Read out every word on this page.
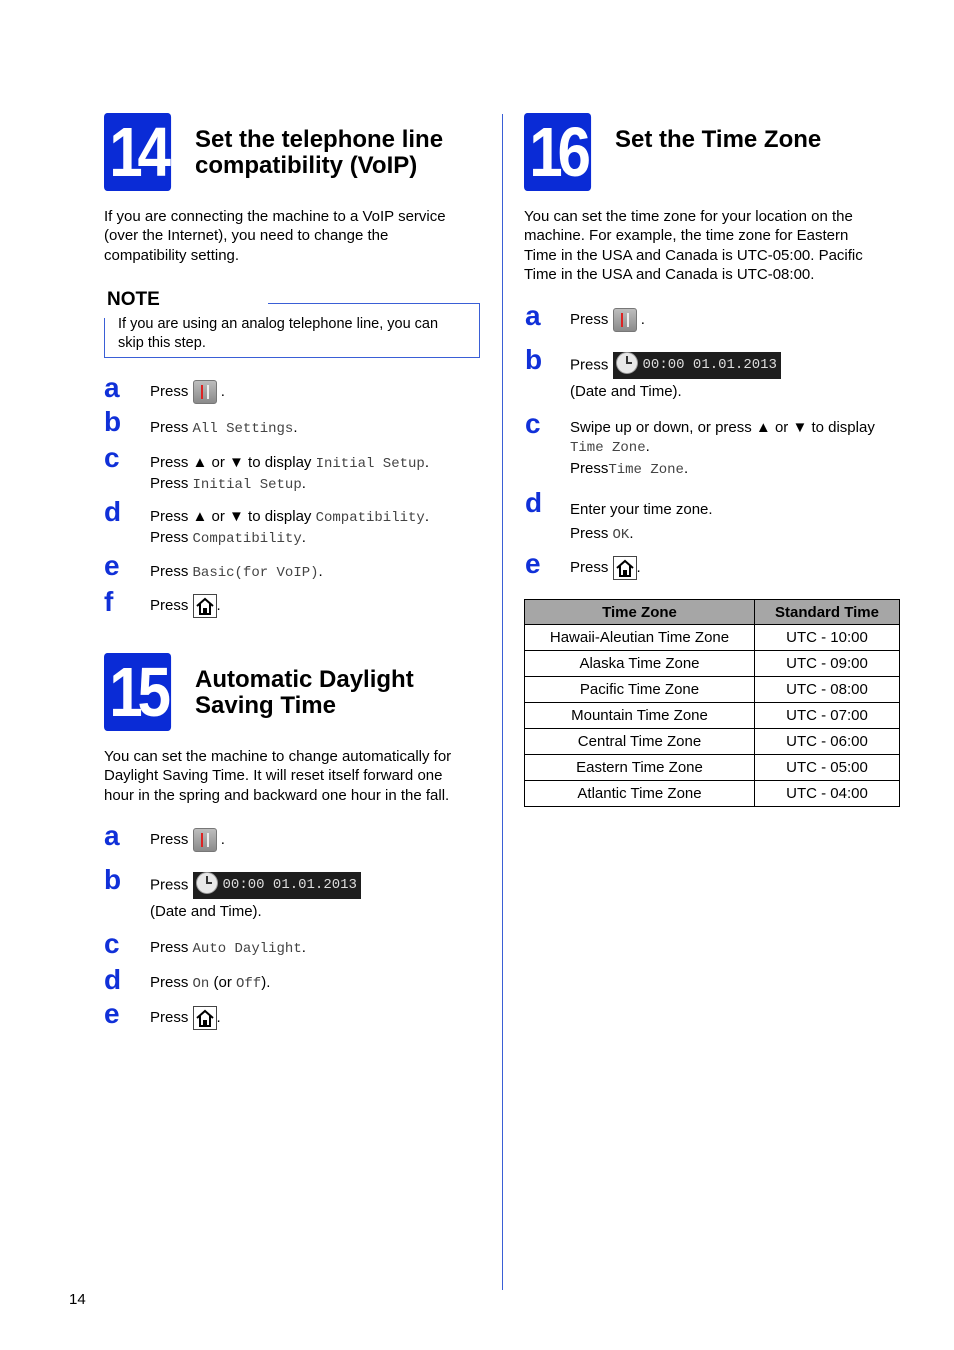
14 Set the telephone line
compatibility (VoIP)
If you are connecting the machine to a VoIP service
(over the Internet), you need to change the
compatibility setting.
NOTE
If you are using an analog telephone line, you can
skip this step.
a Press .
b Press All Settings.
c Press ▲ or ▼ to display Initial Setup.
Press Initial Setup.
d Press ▲ or ▼ to display Compatibility.
Press Compatibility.
e Press Basic(for VoIP).
f Press .
15 Automatic Daylight
Saving Time
You can set the machine to change automatically for
Daylight Saving Time. It will reset itself forward one
hour in the spring and backward one hour in the fall.
a Press .
b Press 00:00 01.01.2013
(Date and Time).
c Press Auto Daylight.
d Press On (or Off).
e Press .
16 Set the Time Zone
You can set the time zone for your location on the
machine. For example, the time zone for Eastern
Time in the USA and Canada is UTC-05:00. Pacific
Time in the USA and Canada is UTC-08:00.
a Press .
b Press 00:00 01.01.2013
(Date and Time).
c Swipe up or down, or press ▲ or ▼ to display
Time Zone.
PressTime Zone.
d Enter your time zone.
Press OK.
e Press .
Time Zone	Standard Time
Hawaii-Aleutian Time Zone	UTC - 10:00
Alaska Time Zone	UTC - 09:00
Pacific Time Zone	UTC - 08:00
Mountain Time Zone	UTC - 07:00
Central Time Zone	UTC - 06:00
Eastern Time Zone	UTC - 05:00
Atlantic Time Zone	UTC - 04:00
14
